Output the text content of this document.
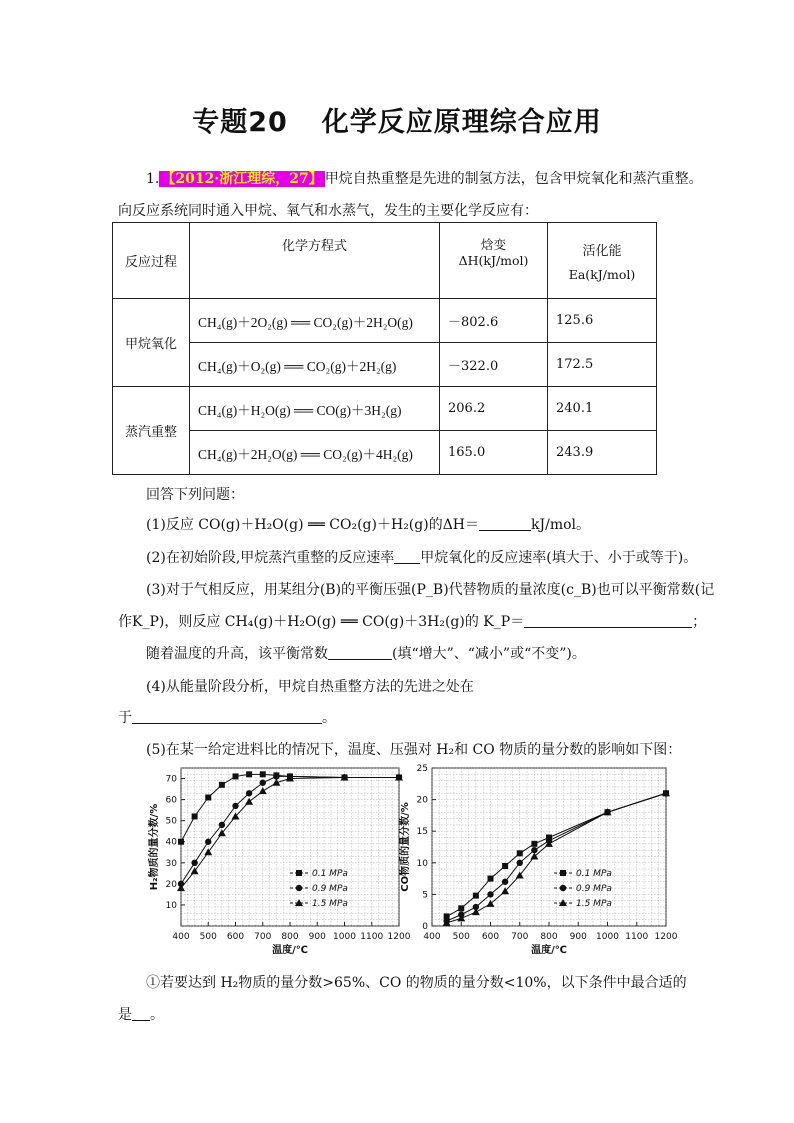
专题20 化学反应原理综合应用
1. 【2012·浙江理综，27】 甲烷自热重整是先进的制氢方法，包含甲烷氧化和蒸汽重整。
向反应系统同时通入甲烷、氧气和水蒸气，发生的主要化学反应有：
反应过程	化学方程式	焓变ΔH(kJ/mol)	活化能
Ea(kJ/mol)

甲烷氧化	CH₄(g)＋2O₂(g) ══ CO₂(g)＋2H₂O(g)	－802.6	125.6
	CH₄(g)＋O₂(g) ══ CO₂(g)＋2H₂(g)	－322.0	172.5
蒸汽重整	CH₄(g)＋H₂O(g) ══ CO(g)＋3H₂(g)	206.2	240.1
	CH₄(g)＋2H₂O(g) ══ CO₂(g)＋4H₂(g)	165.0	243.9
回答下列问题：
(1)反应 CO(g)＋H₂O(g) ══ CO₂(g)＋H₂(g)的ΔH＝	kJ/mol。
(2)在初始阶段,甲烷蒸汽重整的反应速率 甲烷氧化的反应速率(填大于、小于或等于)。
(3)对于气相反应，用某组分(B)的平衡压强(P_B)代替物质的量浓度(c_B)也可以平衡常数(记
作K_P)，则反应 CH₄(g)＋H₂O(g) ══ CO(g)＋3H₂(g)的 K_P＝	；
随着温度的升高，该平衡常数	(填“增大”、“减小”或“不变”)。
(4)从能量阶段分析，甲烷自热重整方法的先进之处在
于	。
(5)在某一给定进料比的情况下，温度、压强对 H₂和 CO 物质的量分数的影响如下图：
400 500 600 700 800 900 1000 1100 1200
10
20
30
40
50
60
70
温度/℃
H₂物质的量分数/%	0.1 MPa
0.9 MPa
1.5 MPa
400 500 600 700 800 900 1000 1100 1200
0
5
10
15
20
25
温度/℃
CO物质的量分数/%	0.1 MPa
0.9 MPa
1.5 MPa
①若要达到 H₂物质的量分数>65%、CO 的物质的量分数<10%，以下条件中最合适的
是 。
